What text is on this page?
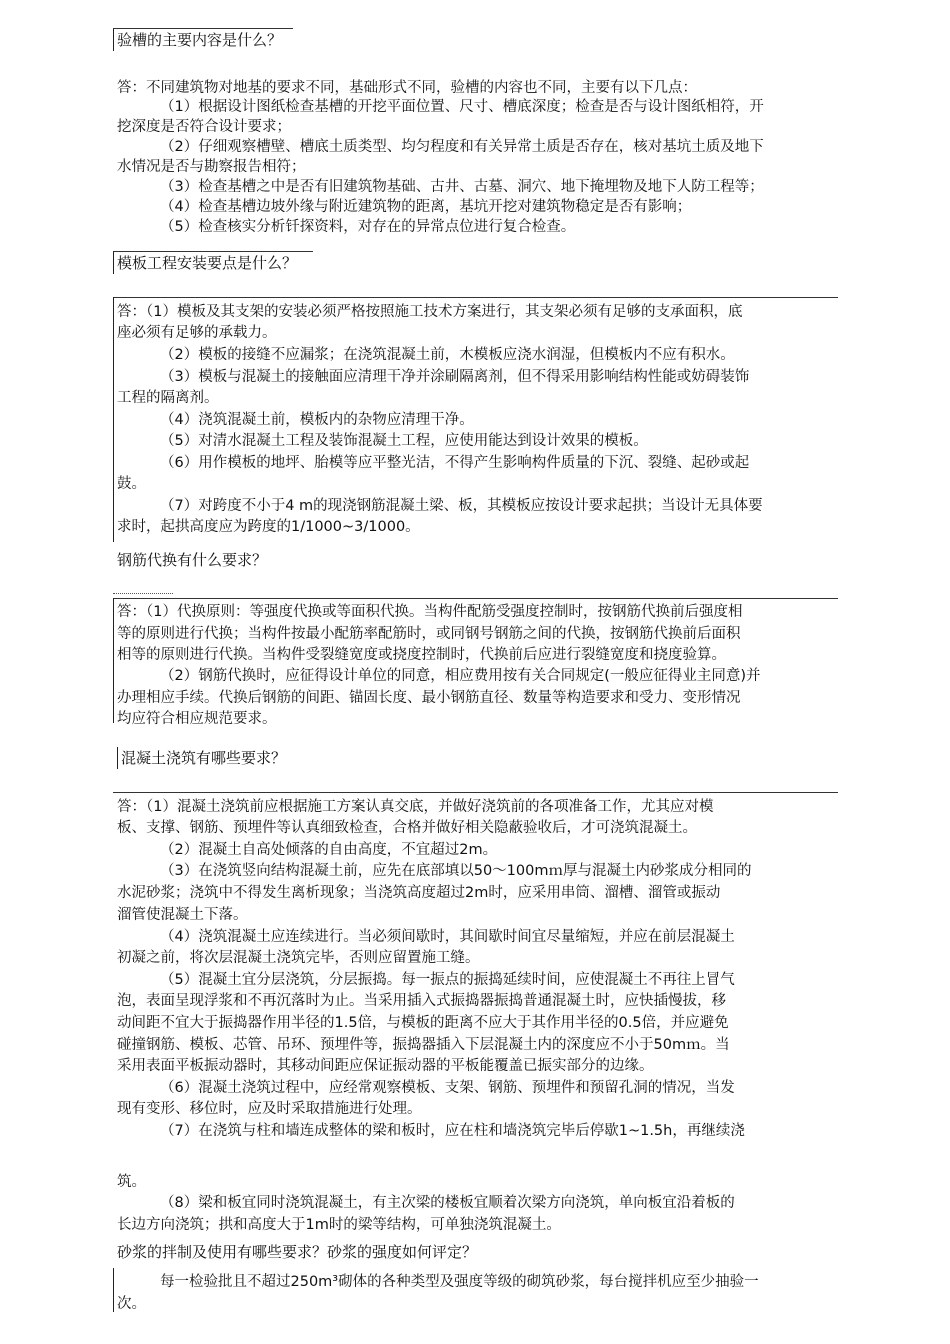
验槽的主要内容是什么？
答：不同建筑物对地基的要求不同，基础形式不同，验槽的内容也不同，主要有以下几点：
（1）根据设计图纸检查基槽的开挖平面位置、尺寸、槽底深度；检查是否与设计图纸相符，开
挖深度是否符合设计要求；
（2）仔细观察槽壁、槽底土质类型、均匀程度和有关异常土质是否存在，核对基坑土质及地下
水情况是否与勘察报告相符；
（3）检查基槽之中是否有旧建筑物基础、古井、古墓、洞穴、地下掩埋物及地下人防工程等；
（4）检查基槽边坡外缘与附近建筑物的距离，基坑开挖对建筑物稳定是否有影响；
（5）检查核实分析钎探资料，对存在的异常点位进行复合检查。
模板工程安装要点是什么？
答：（1）模板及其支架的安装必须严格按照施工技术方案进行，其支架必须有足够的支承面积，底
座必须有足够的承载力。
（2）模板的接缝不应漏浆；在浇筑混凝土前，木模板应浇水润湿，但模板内不应有积水。
（3）模板与混凝土的接触面应清理干净并涂刷隔离剂，但不得采用影响结构性能或妨碍装饰
工程的隔离剂。
（4）浇筑混凝土前，模板内的杂物应清理干净。
（5）对清水混凝土工程及装饰混凝土工程，应使用能达到设计效果的模板。
（6）用作模板的地坪、胎模等应平整光洁，不得产生影响构件质量的下沉、裂缝、起砂或起
鼓。
（7）对跨度不小于4 m的现浇钢筋混凝土梁、板，其模板应按设计要求起拱；当设计无具体要
求时，起拱高度应为跨度的1/1000~3/1000。
钢筋代换有什么要求？
答：（1）代换原则：等强度代换或等面积代换。当构件配筋受强度控制时，按钢筋代换前后强度相
等的原则进行代换；当构件按最小配筋率配筋时，或同钢号钢筋之间的代换，按钢筋代换前后面积
相等的原则进行代换。当构件受裂缝宽度或挠度控制时，代换前后应进行裂缝宽度和挠度验算。
（2）钢筋代换时，应征得设计单位的同意，相应费用按有关合同规定(一般应征得业主同意)并
办理相应手续。代换后钢筋的间距、锚固长度、最小钢筋直径、数量等构造要求和受力、变形情况
均应符合相应规范要求。
混凝土浇筑有哪些要求？
答：（1）混凝土浇筑前应根据施工方案认真交底，并做好浇筑前的各项准备工作，尤其应对模
板、支撑、钢筋、预埋件等认真细致检查，合格并做好相关隐蔽验收后，才可浇筑混凝土。
（2）混凝土自高处倾落的自由高度，不宜超过2m。
（3）在浇筑竖向结构混凝土前，应先在底部填以50～100mｍ厚与混凝土内砂浆成分相同的
水泥砂浆；浇筑中不得发生离析现象；当浇筑高度超过2m时，应采用串筒、溜槽、溜管或振动
溜管使混凝土下落。
（4）浇筑混凝土应连续进行。当必须间歇时，其间歇时间宜尽量缩短，并应在前层混凝土
初凝之前，将次层混凝土浇筑完毕，否则应留置施工缝。
（5）混凝土宜分层浇筑，分层振捣。每一振点的振捣延续时间，应使混凝土不再往上冒气
泡，表面呈现浮浆和不再沉落时为止。当采用插入式振捣器振捣普通混凝土时，应快插慢拔，移
动间距不宜大于振捣器作用半径的1.5倍，与模板的距离不应大于其作用半径的0.5倍，并应避免
碰撞钢筋、模板、芯管、吊环、预埋件等，振捣器插入下层混凝土内的深度应不小于50mｍ。当
采用表面平板振动器时，其移动间距应保证振动器的平板能覆盖已振实部分的边缘。
（6）混凝土浇筑过程中，应经常观察模板、支架、钢筋、预埋件和预留孔洞的情况，当发
现有变形、移位时，应及时采取措施进行处理。
（7）在浇筑与柱和墙连成整体的梁和板时，应在柱和墙浇筑完毕后停歇1~1.5h，再继续浇
筑。
（8）梁和板宜同时浇筑混凝土，有主次梁的楼板宜顺着次梁方向浇筑，单向板宜沿着板的
长边方向浇筑；拱和高度大于1m时的梁等结构，可单独浇筑混凝土。
砂浆的拌制及使用有哪些要求？砂浆的强度如何评定？
每一检验批且不超过250m³砌体的各种类型及强度等级的砌筑砂浆，每台搅拌机应至少抽验一
次。
